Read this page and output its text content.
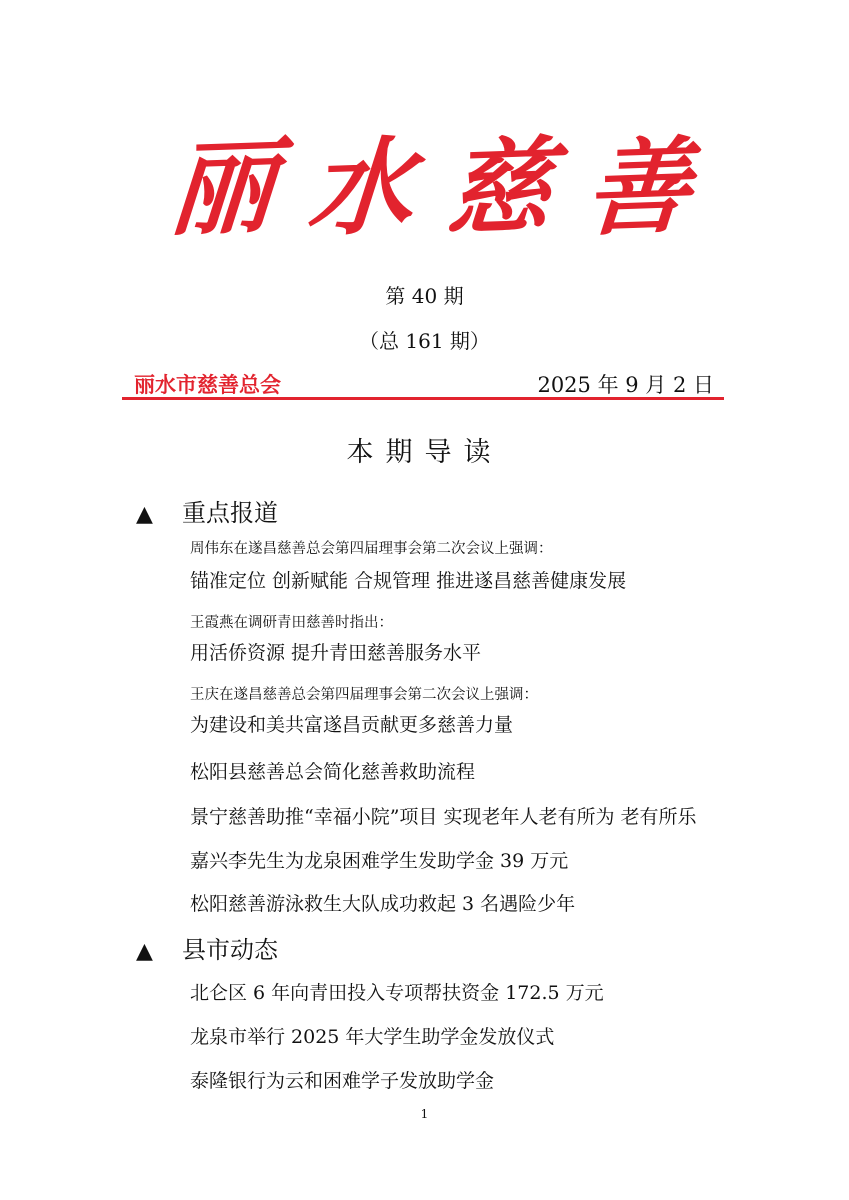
丽 水 慈 善
第 40 期
（总 161 期）
丽水市慈善总会	2025 年 9 月 2 日
本期导读
▲ 重点报道
周伟东在遂昌慈善总会第四届理事会第二次会议上强调：
锚准定位 创新赋能 合规管理 推进遂昌慈善健康发展
王霞燕在调研青田慈善时指出：
用活侨资源 提升青田慈善服务水平
王庆在遂昌慈善总会第四届理事会第二次会议上强调：
为建设和美共富遂昌贡献更多慈善力量
松阳县慈善总会简化慈善救助流程
景宁慈善助推“幸福小院”项目 实现老年人老有所为 老有所乐
嘉兴李先生为龙泉困难学生发助学金 39 万元
松阳慈善游泳救生大队成功救起 3 名遇险少年
▲ 县市动态
北仑区 6 年向青田投入专项帮扶资金 172.5 万元
龙泉市举行 2025 年大学生助学金发放仪式
泰隆银行为云和困难学子发放助学金
1
